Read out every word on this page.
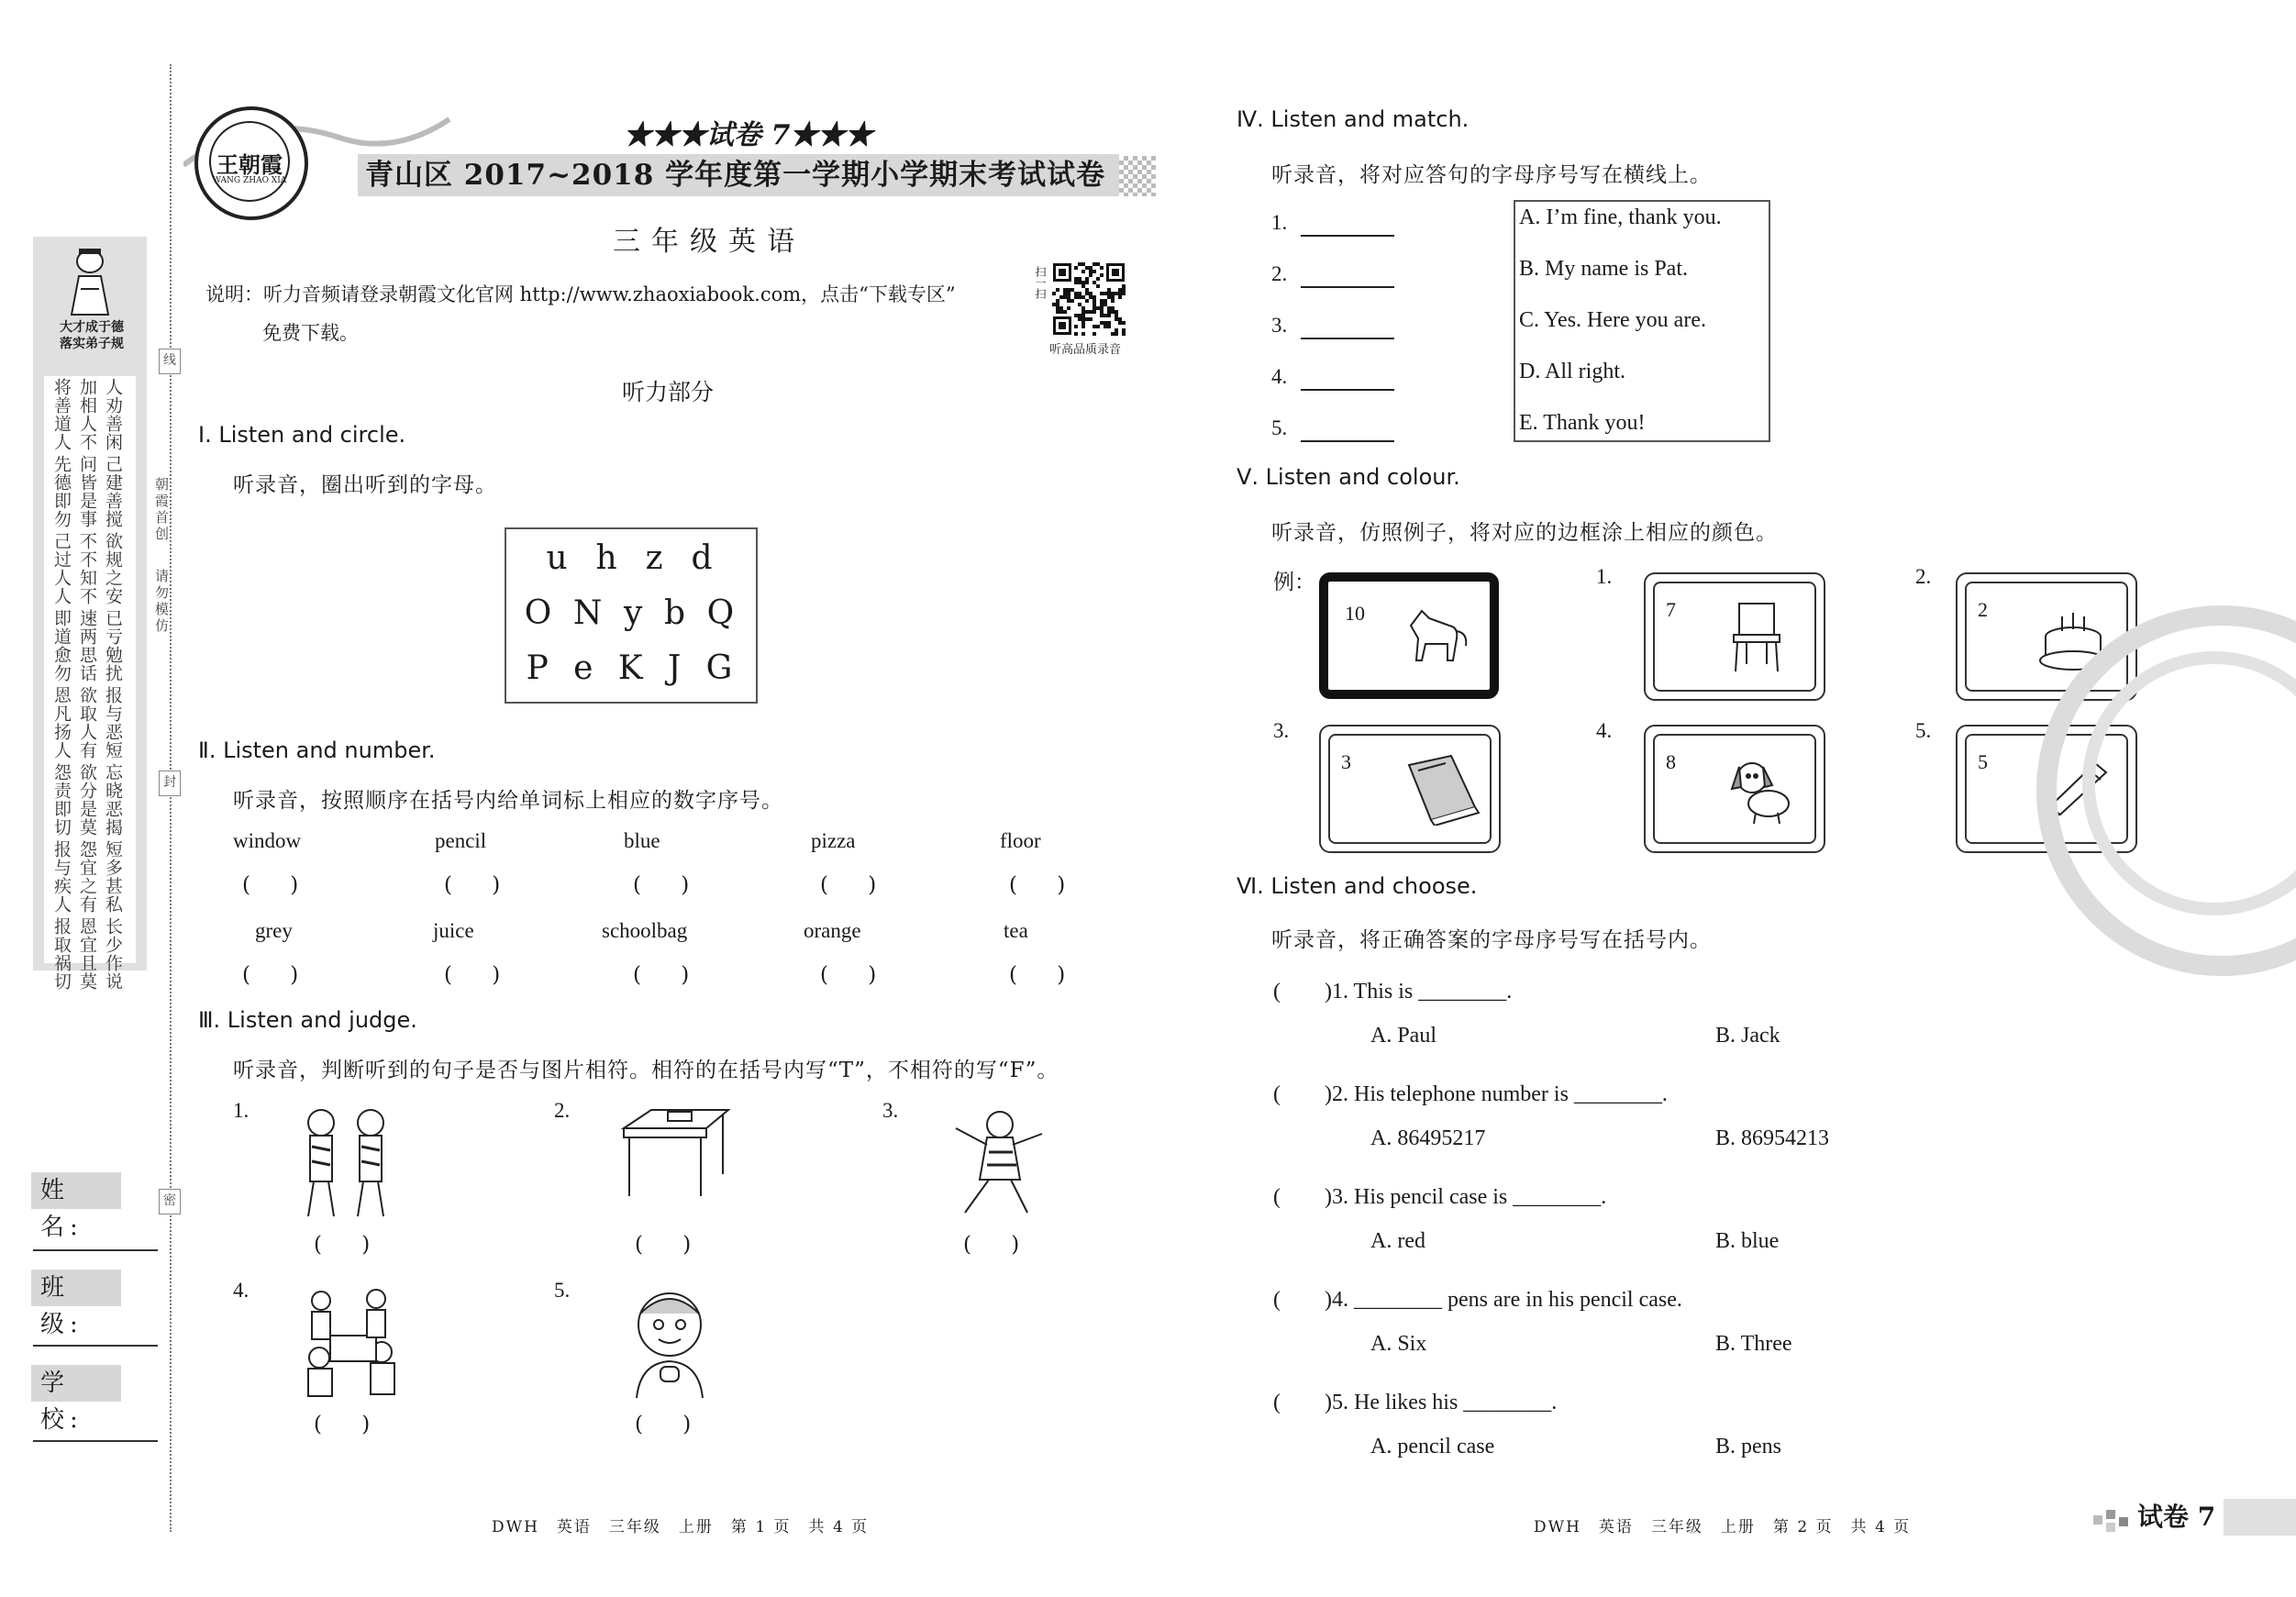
大才成于德
落实弟子规
朝霞首创
请勿模仿
线
封
密
姓 名:
班 级:
学 校:
王朝霞
WANG ZHAO XIA
★★★试卷 7★★★
青山区 2017~2018 学年度第一学期小学期末考试试卷
三年级英语
说明：听力音频请登录朝霞文化官网 http://www.zhaoxiabook.com，点击“下载专区”
免费下载。
扫一扫
听高品质录音
听力部分
Ⅰ. Listen and circle.
听录音，圈出听到的字母。
u h z d
O N y b Q
P e K J G
Ⅱ. Listen and number.
听录音，按照顺序在括号内给单词标上相应的数字序号。
window
( )
pencil
( )
blue
( )
pizza
( )
floor
( )
grey
( )
juice
( )
schoolbag
( )
orange
( )
tea
( )
Ⅲ. Listen and judge.
听录音，判断听到的句子是否与图片相符。相符的在括号内写“T”，不相符的写“F”。
1.
( )
2.
( )
3.
( )
4.
( )
5.
( )
Ⅳ. Listen and match.
听录音，将对应答句的字母序号写在横线上。
1.
2.
3.
4.
5.
A. I’m fine, thank you.
B. My name is Pat.
C. Yes. Here you are.
D. All right.
E. Thank you!
Ⅴ. Listen and colour.
听录音，仿照例子，将对应的边框涂上相应的颜色。
例：
10	7
1.
2
2.
3
3.
8
4.
5
5.
Ⅵ. Listen and choose.
听录音，将正确答案的字母序号写在括号内。
(　　)1. This is ________.
A. Paul	B. Jack
(　　)2. His telephone number is ________.
A. 86495217	B. 86954213
(　　)3. His pencil case is ________.
A. red	B. blue
(　　)4. ________ pens are in his pencil case.
A. Six	B. Three
(　　)5. He likes his ________.
A. pencil case	B. pens
DWH　英语　三年级　上册　第 1 页　共 4 页	DWH　英语　三年级　上册　第 2 页　共 4 页	试卷 7
将善道人 加相人不 人劝善闲
先德即勿 问皆是事 己建善搅
己过人人 不不知不 欲规之安
即道愈勿 速两思话 已亏勉扰
恩凡扬人 欲取人有 报与恶短
怨责即切 欲分是莫 忘晓恶揭
报与疾人 怨宜之有 短多甚私
报取祸切 恩宜且莫 长少作说
